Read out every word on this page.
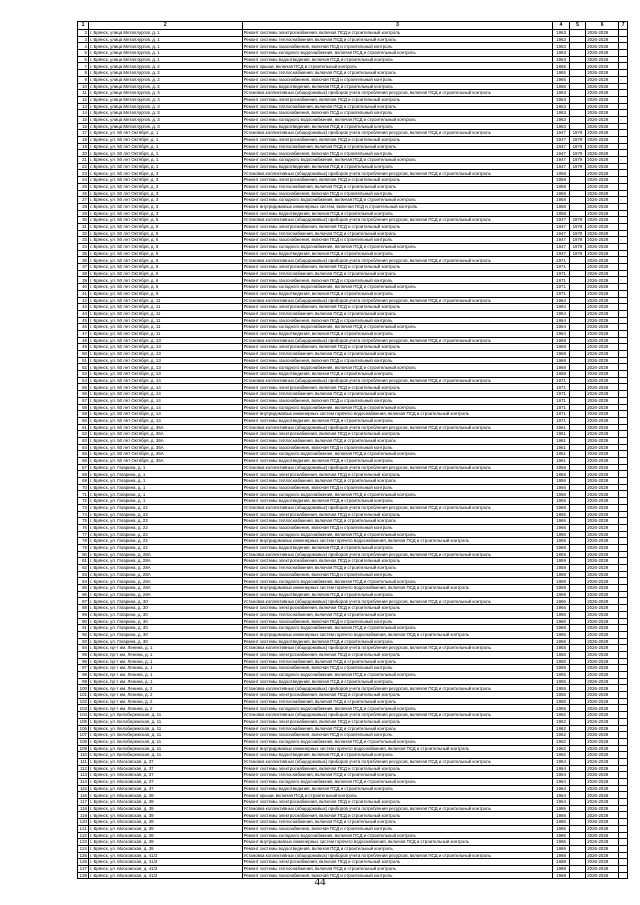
1	2	3	4	5	6	7
2	г. Брянск, улица Металлургов, д. 1	Ремонт системы электроснабжения, включая ПСД и строительный контроль	1963		2026-2028	
3	г. Брянск, улица Металлургов, д. 1	Ремонт системы теплоснабжения, включая ПСД и строительный контроль	1963		2026-2028	
4	г. Брянск, улица Металлургов, д. 1	Ремонт системы газоснабжения, включая ПСД и строительный контроль	1963		2026-2028	
5	г. Брянск, улица Металлургов, д. 1	Ремонт системы холодного водоснабжения, включая ПСД и строительный контроль	1963		2026-2028	
6	г. Брянск, улица Металлургов, д. 1	Ремонт системы водоотведения, включая ПСД и строительный контроль	1963		2026-2028	
7	г. Брянск, улица Металлургов, д. 2	Ремонт крыши, включая ПСД и строительный контроль	1965		2026-2028	
8	г. Брянск, улица Металлургов, д. 2	Ремонт системы теплоснабжения, включая ПСД и строительный контроль	1965		2026-2028	
9	г. Брянск, улица Металлургов, д. 2	Ремонт системы газоснабжения, включая ПСД и строительный контроль	1965		2026-2028	
10	г. Брянск, улица Металлургов, д. 2	Ремонт системы водоотведения, включая ПСД и строительный контроль	1965		2026-2028	
11	г. Брянск, улица Металлургов, д. 3	Установка коллективных (общедомовых) приборов учета потребления ресурсов, включая ПСД и строительный контроль	1963		2026-2028	
12	г. Брянск, улица Металлургов, д. 3	Ремонт системы электроснабжения, включая ПСД и строительный контроль	1963		2026-2028	
13	г. Брянск, улица Металлургов, д. 3	Ремонт системы теплоснабжения, включая ПСД и строительный контроль	1963		2026-2028	
14	г. Брянск, улица Металлургов, д. 3	Ремонт системы газоснабжения, включая ПСД и строительный контроль	1963		2026-2028	
15	г. Брянск, улица Металлургов, д. 3	Ремонт системы холодного водоснабжения, включая ПСД и строительный контроль	1963		2026-2028	
16	г. Брянск, улица Металлургов, д. 3	Ремонт системы водоотведения, включая ПСД и строительный контроль	1963		2026-2028	
17	г. Брянск, ул. 50 лет Октября, д. 1	Установка коллективных (общедомовых) приборов учета потребления ресурсов, включая ПСД и строительный контроль	1947	1979	2026-2028	
18	г. Брянск, ул. 50 лет Октября, д. 1	Ремонт системы электроснабжения, включая ПСД и строительный контроль	1947	1979	2026-2028	
19	г. Брянск, ул. 50 лет Октября, д. 1	Ремонт системы теплоснабжения, включая ПСД и строительный контроль	1947	1979	2026-2028	
20	г. Брянск, ул. 50 лет Октября, д. 1	Ремонт системы газоснабжения, включая ПСД и строительный контроль	1947	1979	2026-2028	
21	г. Брянск, ул. 50 лет Октября, д. 1	Ремонт системы холодного водоснабжения, включая ПСД и строительный контроль	1947	1979	2026-2028	
22	г. Брянск, ул. 50 лет Октября, д. 1	Ремонт системы водоотведения, включая ПСД и строительный контроль	1947	1979	2026-2028	
23	г. Брянск, ул. 50 лет Октября, д. 3	Установка коллективных (общедомовых) приборов учета потребления ресурсов, включая ПСД и строительный контроль	1958		2026-2028	
24	г. Брянск, ул. 50 лет Октября, д. 3	Ремонт системы электроснабжения, включая ПСД и строительный контроль	1958		2026-2028	
25	г. Брянск, ул. 50 лет Октября, д. 3	Ремонт системы теплоснабжения, включая ПСД и строительный контроль	1958		2026-2028	
26	г. Брянск, ул. 50 лет Октября, д. 3	Ремонт системы газоснабжения, включая ПСД и строительный контроль	1958		2026-2028	
27	г. Брянск, ул. 50 лет Октября, д. 3	Ремонт системы холодного водоснабжения, включая ПСД и строительный контроль	1958		2026-2028	
28	г. Брянск, ул. 50 лет Октября, д. 3	Ремонт внутридомовых инженерных систем, включая ПСД и строительный контроль	1958		2026-2028	
29	г. Брянск, ул. 50 лет Октября, д. 3	Ремонт системы водоотведения, включая ПСД и строительный контроль	1958		2026-2028	
30	г. Брянск, ул. 50 лет Октября, д. 5	Установка коллективных (общедомовых) приборов учета потребления ресурсов, включая ПСД и строительный контроль	1947	1978	2026-2028	
31	г. Брянск, ул. 50 лет Октября, д. 5	Ремонт системы электроснабжения, включая ПСД и строительный контроль	1947	1978	2026-2028	
32	г. Брянск, ул. 50 лет Октября, д. 5	Ремонт системы теплоснабжения, включая ПСД и строительный контроль	1947	1978	2026-2028	
33	г. Брянск, ул. 50 лет Октября, д. 5	Ремонт системы газоснабжения, включая ПСД и строительный контроль	1947	1978	2026-2028	
34	г. Брянск, ул. 50 лет Октября, д. 5	Ремонт системы холодного водоснабжения, включая ПСД и строительный контроль	1947	1978	2026-2028	
35	г. Брянск, ул. 50 лет Октября, д. 5	Ремонт системы водоотведения, включая ПСД и строительный контроль	1947	1978	2026-2028	
36	г. Брянск, ул. 50 лет Октября, д. 6	Установка коллективных (общедомовых) приборов учета потребления ресурсов, включая ПСД и строительный контроль	1971		2026-2028	
37	г. Брянск, ул. 50 лет Октября, д. 6	Ремонт системы электроснабжения, включая ПСД и строительный контроль	1971		2026-2028	
38	г. Брянск, ул. 50 лет Октября, д. 6	Ремонт системы теплоснабжения, включая ПСД и строительный контроль	1971		2026-2028	
39	г. Брянск, ул. 50 лет Октября, д. 6	Ремонт системы газоснабжения, включая ПСД и строительный контроль	1971		2026-2028	
40	г. Брянск, ул. 50 лет Октября, д. 6	Ремонт системы холодного водоснабжения, включая ПСД и строительный контроль	1971		2026-2028	
41	г. Брянск, ул. 50 лет Октября, д. 6	Ремонт системы водоотведения, включая ПСД и строительный контроль	1971		2026-2028	
42	г. Брянск, ул. 50 лет Октября, д. 11	Установка коллективных (общедомовых) приборов учета потребления ресурсов, включая ПСД и строительный контроль	1964		2026-2028	
43	г. Брянск, ул. 50 лет Октября, д. 11	Ремонт системы электроснабжения, включая ПСД и строительный контроль	1964		2026-2028	
44	г. Брянск, ул. 50 лет Октября, д. 11	Ремонт системы теплоснабжения, включая ПСД и строительный контроль	1964		2026-2028	
45	г. Брянск, ул. 50 лет Октября, д. 11	Ремонт системы газоснабжения, включая ПСД и строительный контроль	1964		2026-2028	
46	г. Брянск, ул. 50 лет Октября, д. 11	Ремонт системы холодного водоснабжения, включая ПСД и строительный контроль	1964		2026-2028	
47	г. Брянск, ул. 50 лет Октября, д. 11	Ремонт системы водоотведения, включая ПСД и строительный контроль	1964		2026-2028	
48	г. Брянск, ул. 50 лет Октября, д. 13	Установка коллективных (общедомовых) приборов учета потребления ресурсов, включая ПСД и строительный контроль	1968		2026-2028	
49	г. Брянск, ул. 50 лет Октября, д. 13	Ремонт системы электроснабжения, включая ПСД и строительный контроль	1968		2026-2028	
50	г. Брянск, ул. 50 лет Октября, д. 13	Ремонт системы теплоснабжения, включая ПСД и строительный контроль	1968		2026-2028	
51	г. Брянск, ул. 50 лет Октября, д. 13	Ремонт системы газоснабжения, включая ПСД и строительный контроль	1968		2026-2028	
52	г. Брянск, ул. 50 лет Октября, д. 13	Ремонт системы холодного водоснабжения, включая ПСД и строительный контроль	1968		2026-2028	
53	г. Брянск, ул. 50 лет Октября, д. 13	Ремонт системы водоотведения, включая ПСД и строительный контроль	1968		2026-2028	
54	г. Брянск, ул. 50 лет Октября, д. 14	Установка коллективных (общедомовых) приборов учета потребления ресурсов, включая ПСД и строительный контроль	1971		2026-2028	
55	г. Брянск, ул. 50 лет Октября, д. 14	Ремонт системы электроснабжения, включая ПСД и строительный контроль	1971		2026-2028	
56	г. Брянск, ул. 50 лет Октября, д. 14	Ремонт системы теплоснабжения, включая ПСД и строительный контроль	1971		2026-2028	
57	г. Брянск, ул. 50 лет Октября, д. 14	Ремонт системы газоснабжения, включая ПСД и строительный контроль	1971		2026-2028	
58	г. Брянск, ул. 50 лет Октября, д. 14	Ремонт системы холодного водоснабжения, включая ПСД и строительный контроль	1971		2026-2028	
59	г. Брянск, ул. 50 лет Октября, д. 14	Ремонт внутридомовых инженерных систем горячего водоснабжения, включая ПСД и строительный контроль	1971		2026-2028	
60	г. Брянск, ул. 50 лет Октября, д. 14	Ремонт системы водоотведения, включая ПСД и строительный контроль	1971		2026-2028	
61	г. Брянск, ул. 50 лет Октября, д. 36А	Установка коллективных (общедомовых) приборов учета потребления ресурсов, включая ПСД и строительный контроль	1961		2026-2028	
62	г. Брянск, ул. 50 лет Октября, д. 36А	Ремонт системы электроснабжения, включая ПСД и строительный контроль	1961		2026-2028	
63	г. Брянск, ул. 50 лет Октября, д. 36А	Ремонт системы теплоснабжения, включая ПСД и строительный контроль	1961		2026-2028	
64	г. Брянск, ул. 50 лет Октября, д. 36А	Ремонт системы газоснабжения, включая ПСД и строительный контроль	1961		2026-2028	
65	г. Брянск, ул. 50 лет Октября, д. 36А	Ремонт системы холодного водоснабжения, включая ПСД и строительный контроль	1961		2026-2028	
66	г. Брянск, ул. 50 лет Октября, д. 36А	Ремонт системы водоотведения, включая ПСД и строительный контроль	1961		2026-2028	
67	г. Брянск, ул. Гагарина, д. 1	Установка коллективных (общедомовых) приборов учета потребления ресурсов, включая ПСД и строительный контроль	1956		2026-2028	
68	г. Брянск, ул. Гагарина, д. 1	Ремонт системы электроснабжения, включая ПСД и строительный контроль	1956		2026-2028	
69	г. Брянск, ул. Гагарина, д. 1	Ремонт системы теплоснабжения, включая ПСД и строительный контроль	1956		2026-2028	
70	г. Брянск, ул. Гагарина, д. 1	Ремонт системы газоснабжения, включая ПСД и строительный контроль	1956		2026-2028	
71	г. Брянск, ул. Гагарина, д. 1	Ремонт системы холодного водоснабжения, включая ПСД и строительный контроль	1956		2026-2028	
72	г. Брянск, ул. Гагарина, д. 1	Ремонт системы водоотведения, включая ПСД и строительный контроль	1956		2026-2028	
73	г. Брянск, ул. Гагарина, д. 22	Установка коллективных (общедомовых) приборов учета потребления ресурсов, включая ПСД и строительный контроль	1966		2026-2028	
74	г. Брянск, ул. Гагарина, д. 22	Ремонт системы электроснабжения, включая ПСД и строительный контроль	1966		2026-2028	
75	г. Брянск, ул. Гагарина, д. 22	Ремонт системы теплоснабжения, включая ПСД и строительный контроль	1966		2026-2028	
76	г. Брянск, ул. Гагарина, д. 22	Ремонт системы газоснабжения, включая ПСД и строительный контроль	1966		2026-2028	
77	г. Брянск, ул. Гагарина, д. 22	Ремонт системы холодного водоснабжения, включая ПСД и строительный контроль	1966		2026-2028	
78	г. Брянск, ул. Гагарина, д. 22	Ремонт внутридомовых инженерных систем горячего водоснабжения, включая ПСД и строительный контроль	1966		2026-2028	
79	г. Брянск, ул. Гагарина, д. 22	Ремонт системы водоотведения, включая ПСД и строительный контроль	1966		2026-2028	
80	г. Брянск, ул. Гагарина, д. 28А	Установка коллективных (общедомовых) приборов учета потребления ресурсов, включая ПСД и строительный контроль	1959		2026-2028	
81	г. Брянск, ул. Гагарина, д. 28А	Ремонт системы электроснабжения, включая ПСД и строительный контроль	1959		2026-2028	
82	г. Брянск, ул. Гагарина, д. 28А	Ремонт системы теплоснабжения, включая ПСД и строительный контроль	1959		2026-2028	
83	г. Брянск, ул. Гагарина, д. 28А	Ремонт системы газоснабжения, включая ПСД и строительный контроль	1959		2026-2028	
84	г. Брянск, ул. Гагарина, д. 28А	Ремонт системы холодного водоснабжения, включая ПСД и строительный контроль	1959		2026-2028	
85	г. Брянск, ул. Гагарина, д. 28А	Ремонт внутридомовых инженерных систем горячего водоснабжения, включая ПСД и строительный контроль	1959		2026-2028	
86	г. Брянск, ул. Гагарина, д. 28А	Ремонт системы водоотведения, включая ПСД и строительный контроль	1959		2026-2028	
87	г. Брянск, ул. Гагарина, д. 30	Установка коллективных (общедомовых) приборов учета потребления ресурсов, включая ПСД и строительный контроль	1966		2026-2028	
88	г. Брянск, ул. Гагарина, д. 30	Ремонт системы электроснабжения, включая ПСД и строительный контроль	1966		2026-2028	
89	г. Брянск, ул. Гагарина, д. 30	Ремонт системы теплоснабжения, включая ПСД и строительный контроль	1966		2026-2028	
90	г. Брянск, ул. Гагарина, д. 30	Ремонт системы газоснабжения, включая ПСД и строительный контроль	1966		2026-2028	
91	г. Брянск, ул. Гагарина, д. 30	Ремонт системы холодного водоснабжения, включая ПСД и строительный контроль	1966		2026-2028	
92	г. Брянск, ул. Гагарина, д. 30	Ремонт внутридомовых инженерных систем горячего водоснабжения, включая ПСД и строительный контроль	1966		2026-2028	
93	г. Брянск, ул. Гагарина, д. 30	Ремонт системы водоотведения, включая ПСД и строительный контроль	1966		2026-2028	
94	г. Брянск, пр-т им. Ленина, д. 1	Установка коллективных (общедомовых) приборов учета потребления ресурсов, включая ПСД и строительный контроль	1955		2026-2028	
95	г. Брянск, пр-т им. Ленина, д. 1	Ремонт системы электроснабжения, включая ПСД и строительный контроль	1955		2026-2028	
96	г. Брянск, пр-т им. Ленина, д. 1	Ремонт системы теплоснабжения, включая ПСД и строительный контроль	1955		2026-2028	
97	г. Брянск, пр-т им. Ленина, д. 1	Ремонт системы газоснабжения, включая ПСД и строительный контроль	1955		2026-2028	
98	г. Брянск, пр-т им. Ленина, д. 1	Ремонт системы холодного водоснабжения, включая ПСД и строительный контроль	1955		2026-2028	
99	г. Брянск, пр-т им. Ленина, д. 1	Ремонт системы водоотведения, включая ПСД и строительный контроль	1955		2026-2028	
100	г. Брянск, пр-т им. Ленина, д. 2	Установка коллективных (общедомовых) приборов учета потребления ресурсов, включая ПСД и строительный контроль	1955		2026-2028	
101	г. Брянск, пр-т им. Ленина, д. 2	Ремонт системы электроснабжения, включая ПСД и строительный контроль	1955		2026-2028	
102	г. Брянск, пр-т им. Ленина, д. 2	Ремонт системы теплоснабжения, включая ПСД и строительный контроль	1955		2026-2028	
103	г. Брянск, пр-т им. Ленина, д. 2	Ремонт системы холодного водоснабжения, включая ПСД и строительный контроль	1955		2026-2028	
104	г. Брянск, ул. Белобережская, д. 11	Установка коллективных (общедомовых) приборов учета потребления ресурсов, включая ПСД и строительный контроль	1962		2026-2028	
105	г. Брянск, ул. Белобережская, д. 11	Ремонт системы электроснабжения, включая ПСД и строительный контроль	1962		2026-2028	
106	г. Брянск, ул. Белобережская, д. 11	Ремонт системы теплоснабжения, включая ПСД и строительный контроль	1962		2026-2028	
107	г. Брянск, ул. Белобережская, д. 11	Ремонт системы газоснабжения, включая ПСД и строительный контроль	1962		2026-2028	
108	г. Брянск, ул. Белобережская, д. 11	Ремонт системы холодного водоснабжения, включая ПСД и строительный контроль	1962		2026-2028	
109	г. Брянск, ул. Белобережская, д. 11	Ремонт внутридомовых инженерных систем горячего водоснабжения, включая ПСД и строительный контроль	1962		2026-2028	
110	г. Брянск, ул. Белобережская, д. 11	Ремонт системы водоотведения, включая ПСД и строительный контроль	1962		2026-2028	
111	г. Брянск, ул. Московская, д. 37	Установка коллективных (общедомовых) приборов учета потребления ресурсов, включая ПСД и строительный контроль	1964		2026-2028	
112	г. Брянск, ул. Московская, д. 37	Ремонт системы электроснабжения, включая ПСД и строительный контроль	1964		2026-2028	
113	г. Брянск, ул. Московская, д. 37	Ремонт системы теплоснабжения, включая ПСД и строительный контроль	1964		2026-2028	
114	г. Брянск, ул. Московская, д. 37	Ремонт системы холодного водоснабжения, включая ПСД и строительный контроль	1964		2026-2028	
115	г. Брянск, ул. Московская, д. 37	Ремонт системы водоотведения, включая ПСД и строительный контроль	1964		2026-2028	
116	г. Брянск, ул. Московская, д. 39	Ремонт крыши, включая ПСД и строительный контроль	1964		2026-2028	
117	г. Брянск, ул. Московская, д. 39	Ремонт системы электроснабжения, включая ПСД и строительный контроль	1964		2026-2028	
118	г. Брянск, ул. Московская, д. 39	Установка коллективных (общедомовых) приборов учета потребления ресурсов, включая ПСД и строительный контроль	1986		2026-2028	
119	г. Брянск, ул. Московская, д. 39	Ремонт системы электроснабжения, включая ПСД и строительный контроль	1986		2026-2028	
120	г. Брянск, ул. Московская, д. 39	Ремонт системы теплоснабжения, включая ПСД и строительный контроль	1986		2026-2028	
121	г. Брянск, ул. Московская, д. 39	Ремонт системы газоснабжения, включая ПСД и строительный контроль	1986		2026-2028	
122	г. Брянск, ул. Московская, д. 39	Ремонт системы холодного водоснабжения, включая ПСД и строительный контроль	1986		2026-2028	
123	г. Брянск, ул. Московская, д. 39	Ремонт внутридомовых инженерных систем горячего водоснабжения, включая ПСД и строительный контроль	1986		2026-2028	
124	г. Брянск, ул. Московская, д. 39	Ремонт системы водоотведения, включая ПСД и строительный контроль	1986		2026-2028	
125	г. Брянск, ул. Московская, д. 41/2	Установка коллективных (общедомовых) приборов учета потребления ресурсов, включая ПСД и строительный контроль	1988		2026-2028	
126	г. Брянск, ул. Московская, д. 41/2	Ремонт системы электроснабжения, включая ПСД и строительный контроль	1988		2026-2028	
127	г. Брянск, ул. Московская, д. 41/2	Ремонт системы теплоснабжения, включая ПСД и строительный контроль	1988		2026-2028	
128	г. Брянск, ул. Московская, д. 41/2	Ремонт системы газоснабжения, включая ПСД и строительный контроль	1988		2026-2028	
44
